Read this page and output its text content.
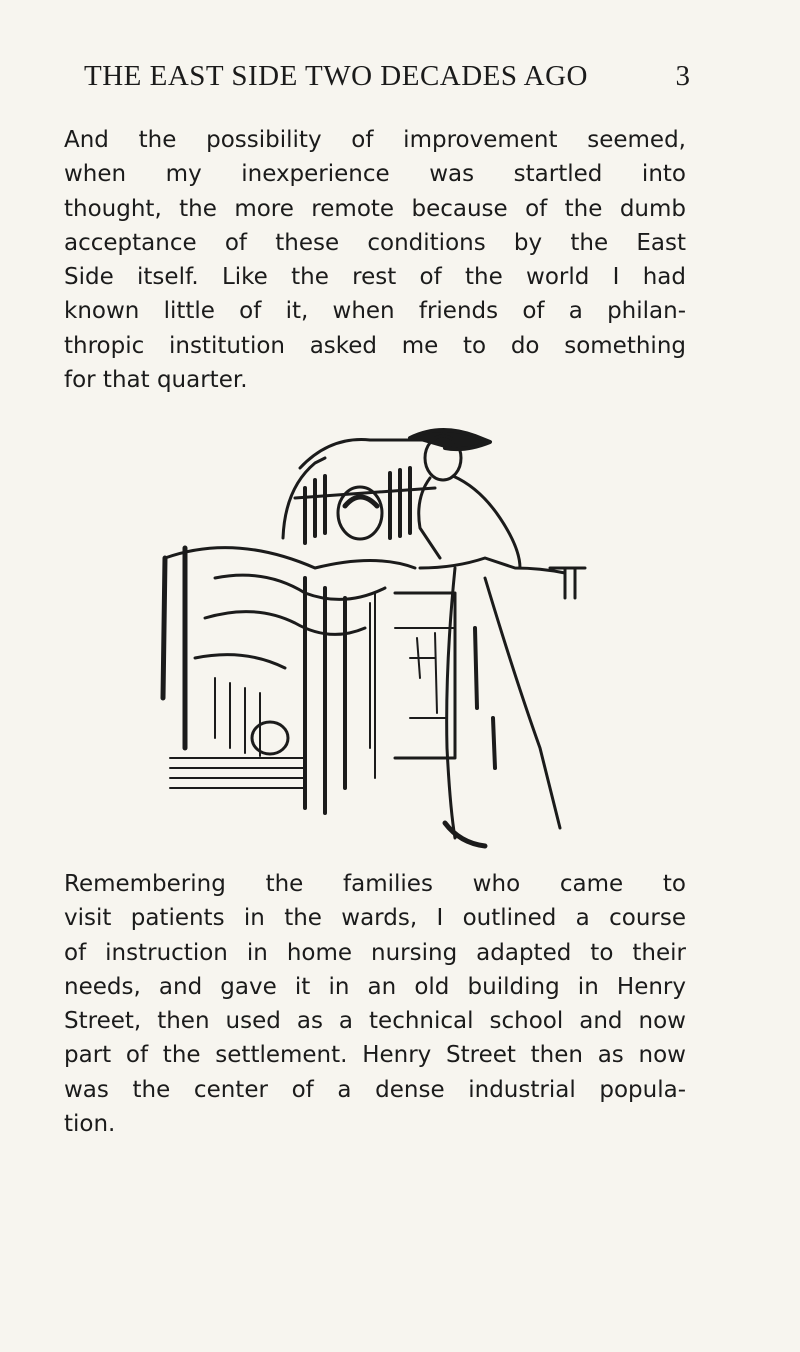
THE EAST SIDE TWO DECADES AGO	3

And the possibility of improvement seemed,
when my inexperience was startled into
thought, the more remote because of the dumb
acceptance of these conditions by the East
Side itself. Like the rest of the world I had
known little of it, when friends of a philan-
thropic institution asked me to do something
for that quarter.

Remembering the families who came to
visit patients in the wards, I outlined a course
of instruction in home nursing adapted to their
needs, and gave it in an old building in Henry
Street, then used as a technical school and now
part of the settlement. Henry Street then as now
was the center of a dense industrial popula-
tion.
